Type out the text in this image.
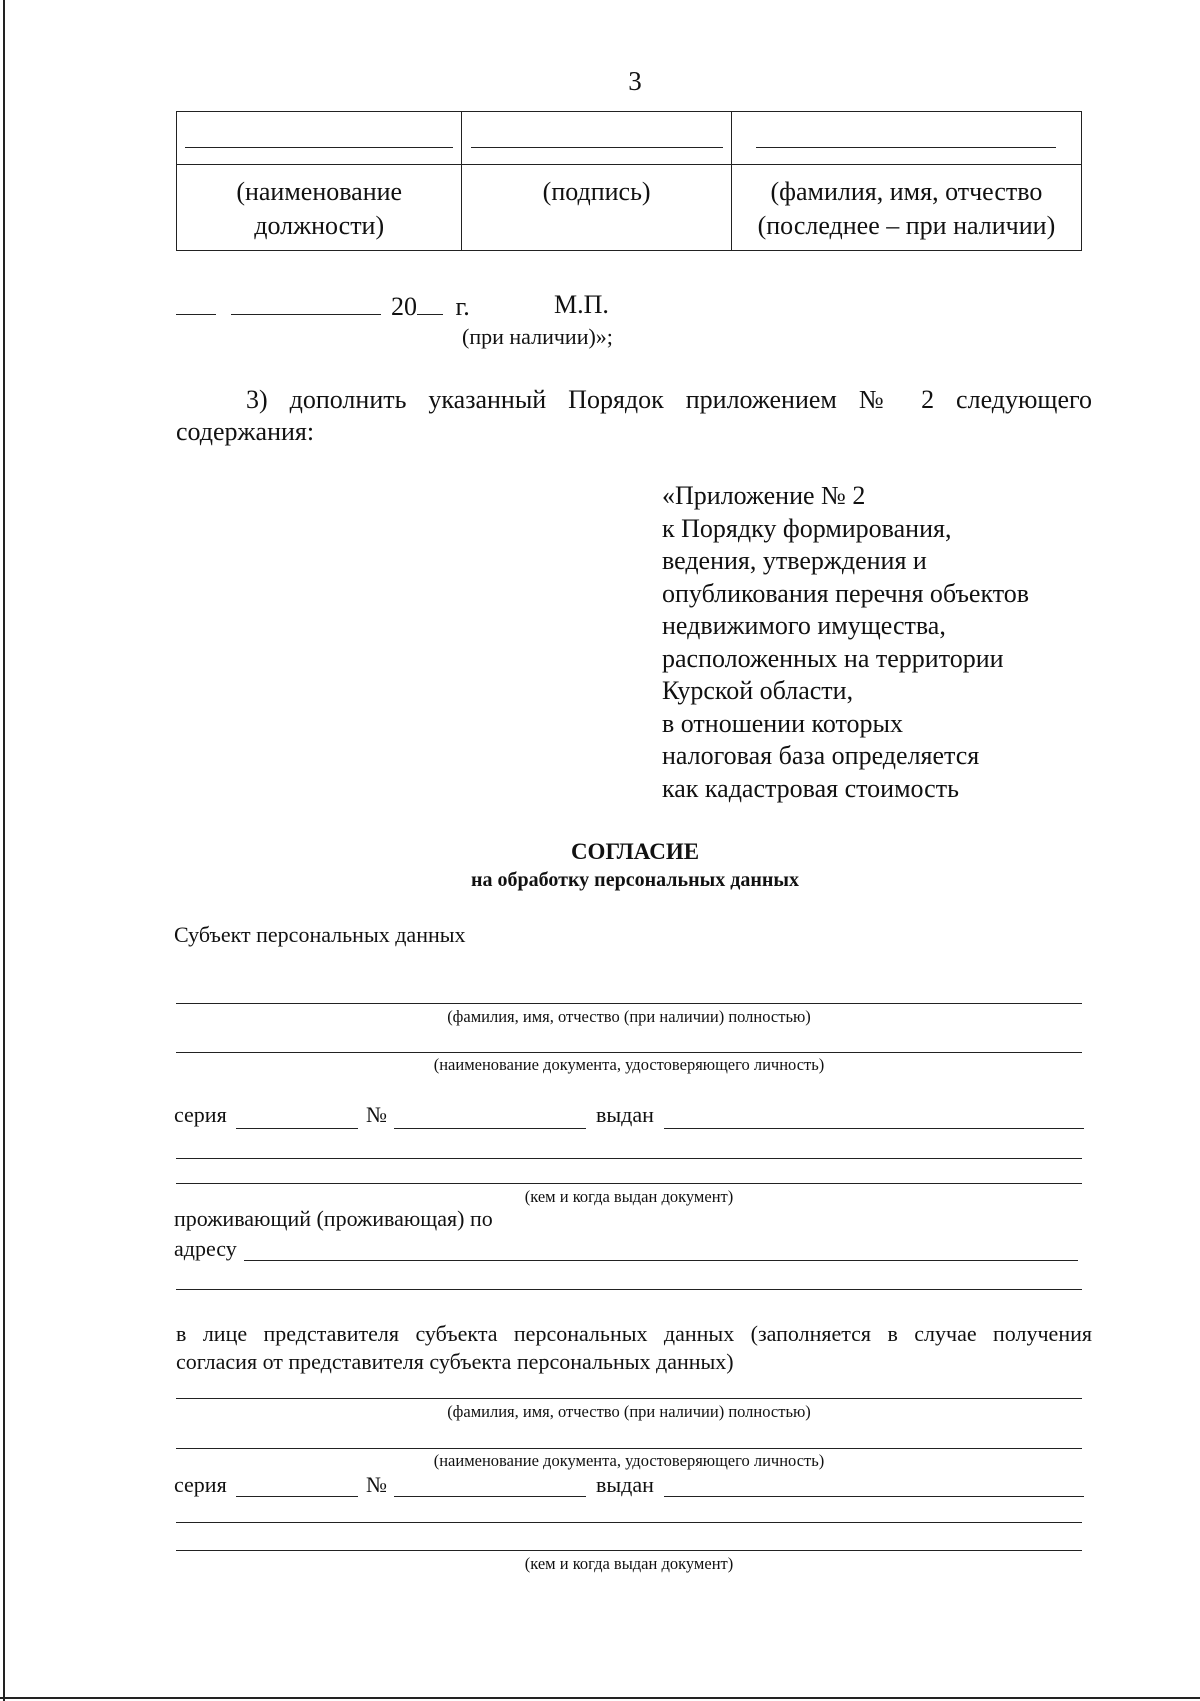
3

(наименование должности)	(подпись)	(фамилия, имя, отчество (последнее – при наличии)
20 г.	М.П.
(при наличии)»;
3) дополнить указанный Порядок приложением № 2 следующего
содержания:
«Приложение № 2
к Порядку формирования,
ведения, утверждения и
опубликования перечня объектов
недвижимого имущества,
расположенных на территории
Курской области,
в отношении которых
налоговая база определяется
как кадастровая стоимость
СОГЛАСИЕ
на обработку персональных данных
Субъект персональных данных
(фамилия, имя, отчество (при наличии) полностью)
(наименование документа, удостоверяющего личность)
серия	№	выдан
(кем и когда выдан документ)
проживающий (проживающая) по
адресу
в лице представителя субъекта персональных данных (заполняется в случае получения
согласия от представителя субъекта персональных данных)
(фамилия, имя, отчество (при наличии) полностью)
(наименование документа, удостоверяющего личность)
серия	№	выдан
(кем и когда выдан документ)
